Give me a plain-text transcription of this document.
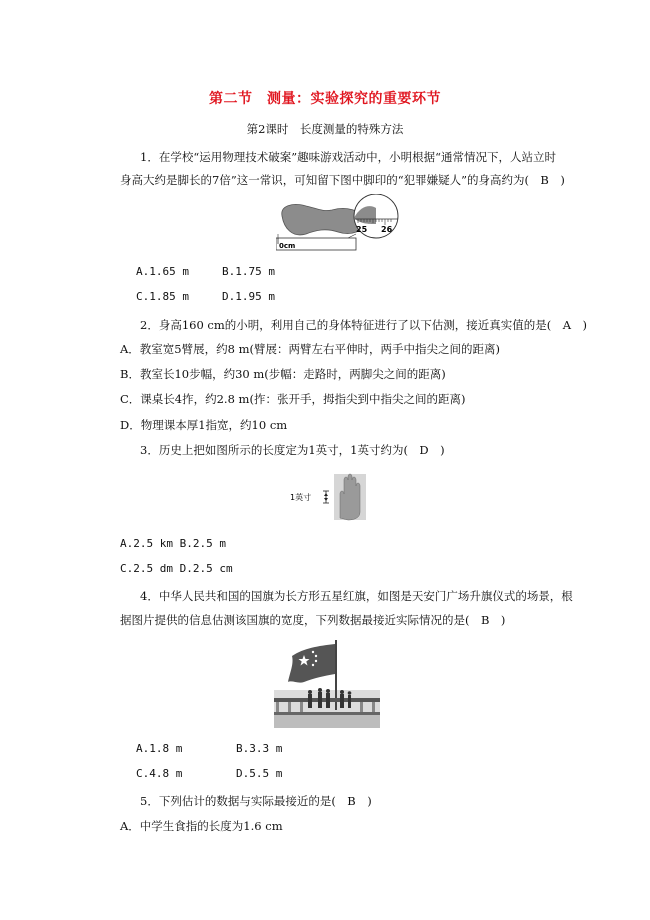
第二节　测量：实验探究的重要环节
第2课时　长度测量的特殊方法
1．在学校“运用物理技术破案”趣味游戏活动中，小明根据“通常情况下，人站立时
身高大约是脚长的7倍”这一常识，可知留下图中脚印的“犯罪嫌疑人”的身高约为(　B　)
0cm
25 26
A.1.65 m	B.1.75 m
C.1.85 m	D.1.95 m
2．身高160 cm的小明，利用自己的身体特征进行了以下估测，接近真实值的是(　A　)
A．教室宽5臂展，约8 m(臂展：两臂左右平伸时，两手中指尖之间的距离)
B．教室长10步幅，约30 m(步幅：走路时，两脚尖之间的距离)
C．课桌长4拃，约2.8 m(拃：张开手，拇指尖到中指尖之间的距离)
D．物理课本厚1指宽，约10 cm
3．历史上把如图所示的长度定为1英寸，1英寸约为(　D　)
1英寸
A.2.5 km B.2.5 m
C.2.5 dm D.2.5 cm
4．中华人民共和国的国旗为长方形五星红旗，如图是天安门广场升旗仪式的场景，根
据图片提供的信息估测该国旗的宽度，下列数据最接近实际情况的是(　B　)
A.1.8 m	B.3.3 m
C.4.8 m	D.5.5 m
5．下列估计的数据与实际最接近的是(　B　)
A．中学生食指的长度为1.6 cm
